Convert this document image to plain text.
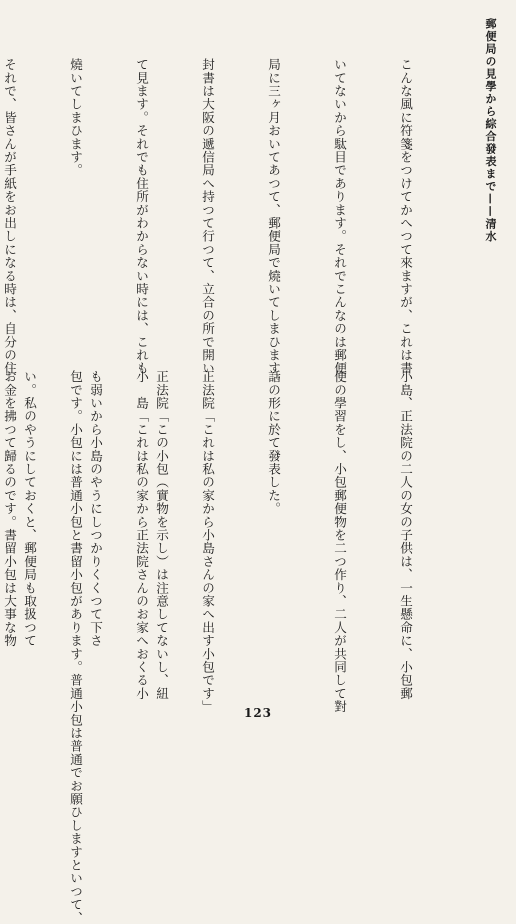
郵便局の見學から綜合發表まで——清水

こんな風に符箋をつけてかへつて來ますが、これは書

いてないから駄目であります。それでこんなのは郵便

局に三ヶ月おいてあつて、郵便局で燒いてしまひます。

封書は大阪の遞信局へ持つて行つて、立合の所で開い

て見ます。それでも住所がわからない時には、これも

燒いてしまひます。

それで、皆さんが手紙をお出しになる時は、自分の住

小島、正法院の二人の女の子供は、一生懸命に、小包郵

便の學習をし、小包郵便物を二つ作り、二人が共同して對

話の形に於て發表した。

正法院「これは私の家から小島さんの家へ出す小包です」

小　島「これは私の家から正法院さんのお家へおくる小

包です。小包には普通小包と書留小包があります。普通小包は普通でお願ひしますといつて、

お金を拂つて歸るのです。書留小包は大事な物

	正法院「この小包（實物を示し）は注意してないし、紐

も弱いから小島のやうにしつかりくくつて下さ

い。私のやうにしておくと、郵便局も取扱つて

123
